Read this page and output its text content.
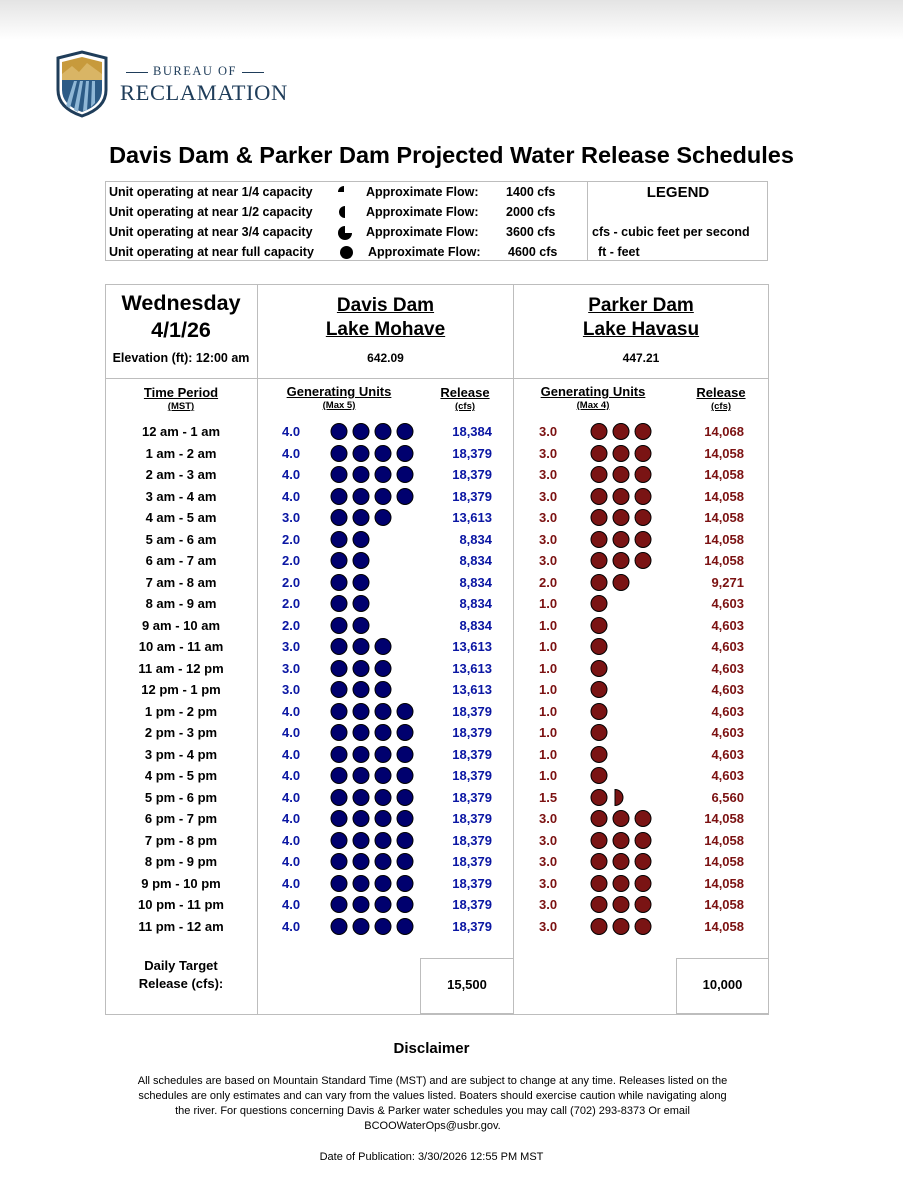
BUREAU OF
RECLAMATION
Davis Dam & Parker Dam Projected Water Release Schedules
LEGEND
Unit operating at near 1/4 capacity	Approximate Flow: 1400 cfs
Unit operating at near 1/2 capacity	Approximate Flow: 2000 cfs
Unit operating at near 3/4 capacity	Approximate Flow: 3600 cfs	cfs - cubic feet per second
Unit operating at near full capacity	Approximate Flow: 4600 cfs	ft - feet
Wednesday
4/1/26
Elevation (ft): 12:00 am
Davis Dam
Lake Mohave
642.09
Parker Dam
Lake Havasu
447.21
Time Period
(MST)
Generating Units
(Max 5)
Release
(cfs)
Generating Units
(Max 4)
Release
(cfs)
12 am - 1 am	4.0	18,384	3.0	14,068
1 am - 2 am	4.0	18,379	3.0	14,058
2 am - 3 am	4.0	18,379	3.0	14,058
3 am - 4 am	4.0	18,379	3.0	14,058
4 am - 5 am	3.0	13,613	3.0	14,058
5 am - 6 am	2.0	8,834	3.0	14,058
6 am - 7 am	2.0	8,834	3.0	14,058
7 am - 8 am	2.0	8,834	2.0	9,271
8 am - 9 am	2.0	8,834	1.0	4,603
9 am - 10 am	2.0	8,834	1.0	4,603
10 am - 11 am	3.0	13,613	1.0	4,603
11 am - 12 pm	3.0	13,613	1.0	4,603
12 pm - 1 pm	3.0	13,613	1.0	4,603
1 pm - 2 pm	4.0	18,379	1.0	4,603
2 pm - 3 pm	4.0	18,379	1.0	4,603
3 pm - 4 pm	4.0	18,379	1.0	4,603
4 pm - 5 pm	4.0	18,379	1.0	4,603
5 pm - 6 pm	4.0	18,379	1.5	6,560
6 pm - 7 pm	4.0	18,379	3.0	14,058
7 pm - 8 pm	4.0	18,379	3.0	14,058
8 pm - 9 pm	4.0	18,379	3.0	14,058
9 pm - 10 pm	4.0	18,379	3.0	14,058
10 pm - 11 pm	4.0	18,379	3.0	14,058
11 pm - 12 am	4.0	18,379	3.0	14,058
Daily Target
Release (cfs):	15,500	10,000
Disclaimer
All schedules are based on Mountain Standard Time (MST) and are subject to change at any time. Releases listed on the schedules are only estimates and can vary from the values listed. Boaters should exercise caution while navigating along the river. For questions concerning Davis & Parker water schedules you may call (702) 293-8373 Or email BCOOWaterOps@usbr.gov.
Date of Publication: 3/30/2026 12:55 PM MST
